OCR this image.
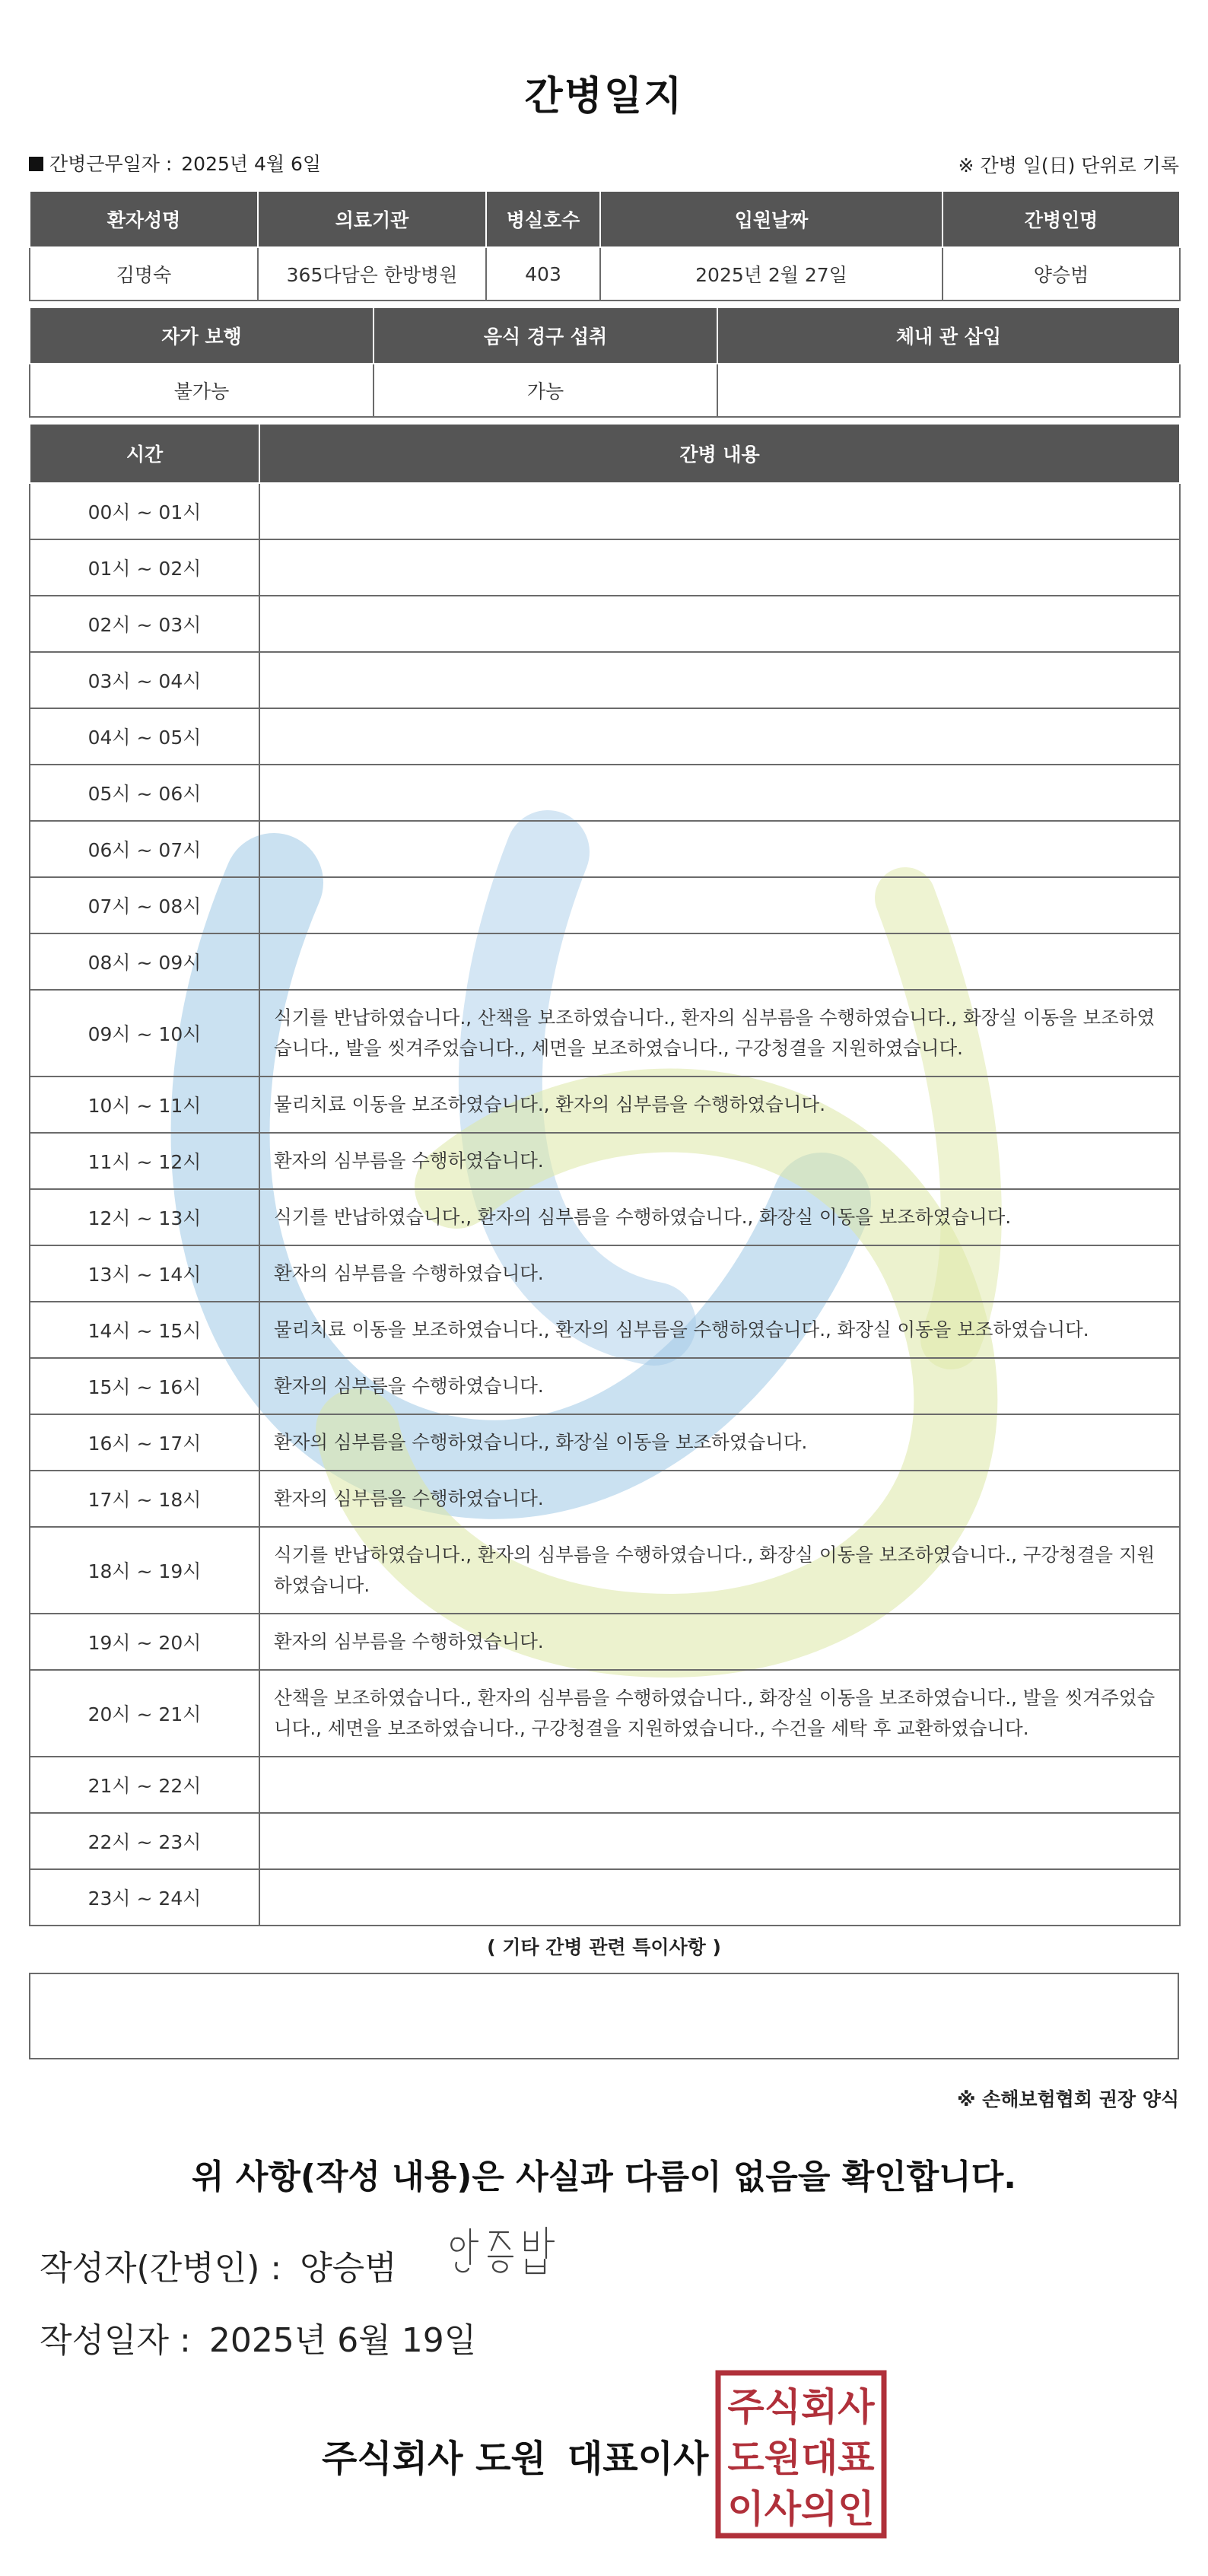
간병일지
간병근무일자 : 2025년 4월 6일	※ 간병 일(日) 단위로 기록
환자성명	의료기관	병실호수	입원날짜	간병인명
김명숙	365다담은 한방병원	403	2025년 2월 27일	양승범
자가 보행	음식 경구 섭취	체내 관 삽입
불가능	가능	
시간	간병 내용
00시 ~ 01시	
01시 ~ 02시	
02시 ~ 03시	
03시 ~ 04시	
04시 ~ 05시	
05시 ~ 06시	
06시 ~ 07시	
07시 ~ 08시	
08시 ~ 09시	
09시 ~ 10시	식기를 반납하였습니다., 산책을 보조하였습니다., 환자의 심부름을 수행하였습니다., 화장실 이동을 보조하였습니다., 발을 씻겨주었습니다., 세면을 보조하였습니다., 구강청결을 지원하였습니다.
10시 ~ 11시	물리치료 이동을 보조하였습니다., 환자의 심부름을 수행하였습니다.
11시 ~ 12시	환자의 심부름을 수행하였습니다.
12시 ~ 13시	식기를 반납하였습니다., 환자의 심부름을 수행하였습니다., 화장실 이동을 보조하였습니다.
13시 ~ 14시	환자의 심부름을 수행하였습니다.
14시 ~ 15시	물리치료 이동을 보조하였습니다., 환자의 심부름을 수행하였습니다., 화장실 이동을 보조하였습니다.
15시 ~ 16시	환자의 심부름을 수행하였습니다.
16시 ~ 17시	환자의 심부름을 수행하였습니다., 화장실 이동을 보조하였습니다.
17시 ~ 18시	환자의 심부름을 수행하였습니다.
18시 ~ 19시	식기를 반납하였습니다., 환자의 심부름을 수행하였습니다., 화장실 이동을 보조하였습니다., 구강청결을 지원하였습니다.
19시 ~ 20시	환자의 심부름을 수행하였습니다.
20시 ~ 21시	산책을 보조하였습니다., 환자의 심부름을 수행하였습니다., 화장실 이동을 보조하였습니다., 발을 씻겨주었습니다., 세면을 보조하였습니다., 구강청결을 지원하였습니다., 수건을 세탁 후 교환하였습니다.
21시 ~ 22시	
22시 ~ 23시	
23시 ~ 24시	
( 기타 간병 관련 특이사항 )
※ 손해보험협회 권장 양식
위 사항(작성 내용)은 사실과 다름이 없음을 확인합니다.
작성자(간병인) : 양승범
작성일자 : 2025년 6월 19일
주식회사 도원 대표이사
주식회사
도원대표
이사의인
